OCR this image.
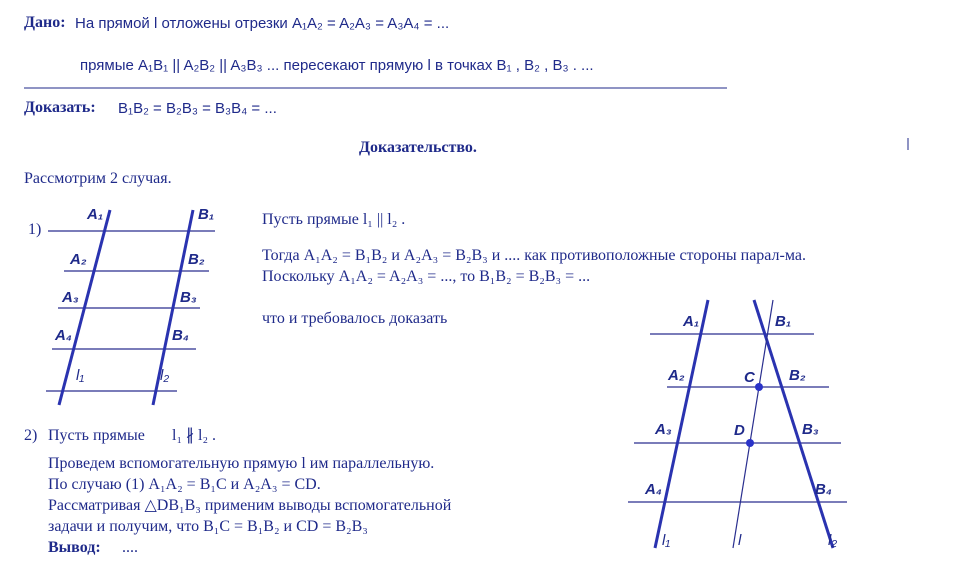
Дано: На прямой l отложены отрезки A₁A₂ = A₂A₃ = A₃A₄ = ...
прямые A₁B₁ || A₂B₂ || A₃B₃ ... пересекают прямую l в точках B₁ , B₂ , B₃ . ...
Доказать: B₁B₂ = B₂B₃ = B₃B₄ = ...
Доказательство.
Рассмотрим 2 случая.
1)
Пусть прямые l₁ || l₂ .
Тогда A₁A₂ = B₁B₂ и A₂A₃ = B₂B₃ и .... как противоположные стороны парал-ма.
Поскольку A₁A₂ = A₂A₃ = ..., то B₁B₂ = B₂B₃ = ...
что и требовалось доказать
A₁	B₁
A₂	B₂
A₃	B₃
A₄	B₄
l₁	l₂
2) Пусть прямые l₁ ∦ l₂ .
Проведем вспомогательную прямую l им параллельную.
По случаю (1) A₁A₂ = B₁C и A₂A₃ = CD.
Рассматривая △DB₁B₃ применим выводы вспомогательной
задачи и получим, что B₁C = B₁B₂ и CD = B₂B₃
Вывод: ....
A₁	B₁
A₂	C B₂
A₃	D	B₃
A₄	B₄
l₁	l	l₂
